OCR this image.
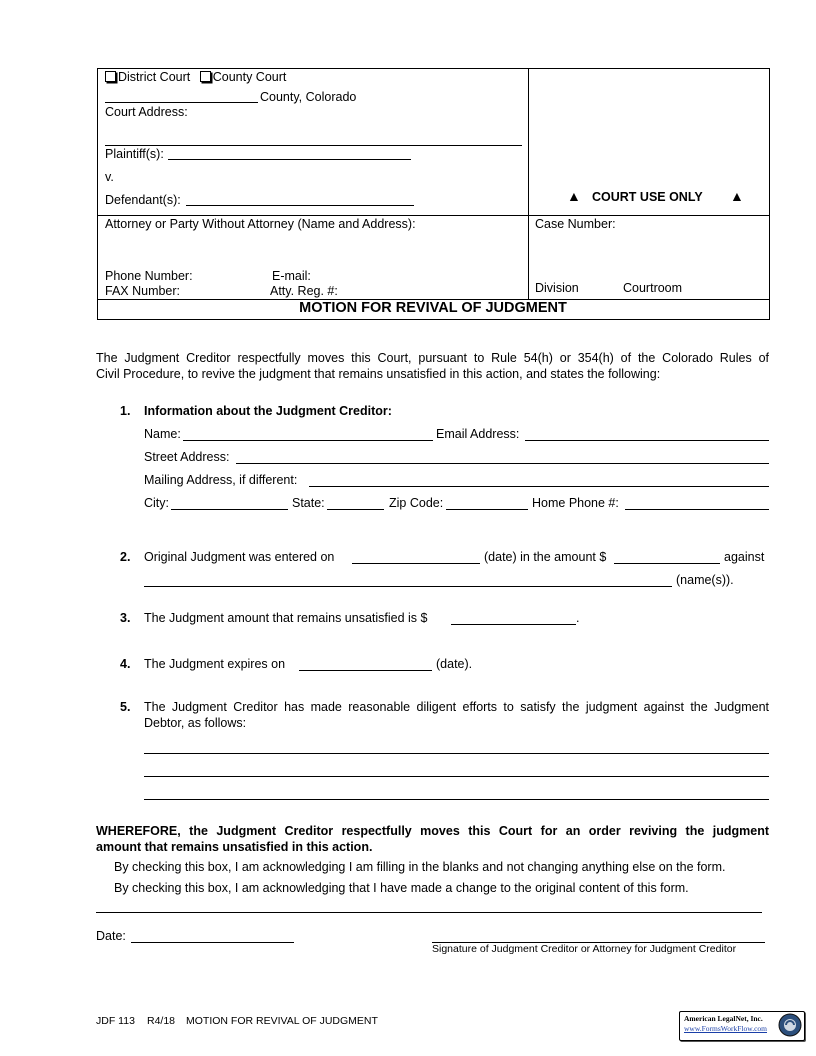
District Court County Court
County, Colorado
Court Address:
Plaintiff(s):
v.
Defendant(s):	▲ COURT USE ONLY ▲
Attorney or Party Without Attorney (Name and Address):
Phone Number:	E-mail:
FAX Number:	Atty. Reg. #:
Case Number:
Division	Courtroom
MOTION FOR REVIVAL OF JUDGMENT
The Judgment Creditor respectfully moves this Court, pursuant to Rule 54(h) or 354(h) of the Colorado Rules of
Civil Procedure, to revive the judgment that remains unsatisfied in this action, and states the following:
1. Information about the Judgment Creditor:
Name:	Email Address:
Street Address:
Mailing Address, if different:
City:	State:	Zip Code:	Home Phone #:
2. Original Judgment was entered on	(date) in the amount $	against
(name(s)).
3. The Judgment amount that remains unsatisfied is $	.
4. The Judgment expires on	(date).
5. The Judgment Creditor has made reasonable diligent efforts to satisfy the judgment against the Judgment
Debtor, as follows:
WHEREFORE, the Judgment Creditor respectfully moves this Court for an order reviving the judgment
amount that remains unsatisfied in this action.
By checking this box, I am acknowledging I am filling in the blanks and not changing anything else on the form.
By checking this box, I am acknowledging that I have made a change to the original content of this form.
Date:
Signature of Judgment Creditor or Attorney for Judgment Creditor
JDF 113 R4/18 MOTION FOR REVIVAL OF JUDGMENT	American LegalNet, Inc.
www.FormsWorkFlow.com
